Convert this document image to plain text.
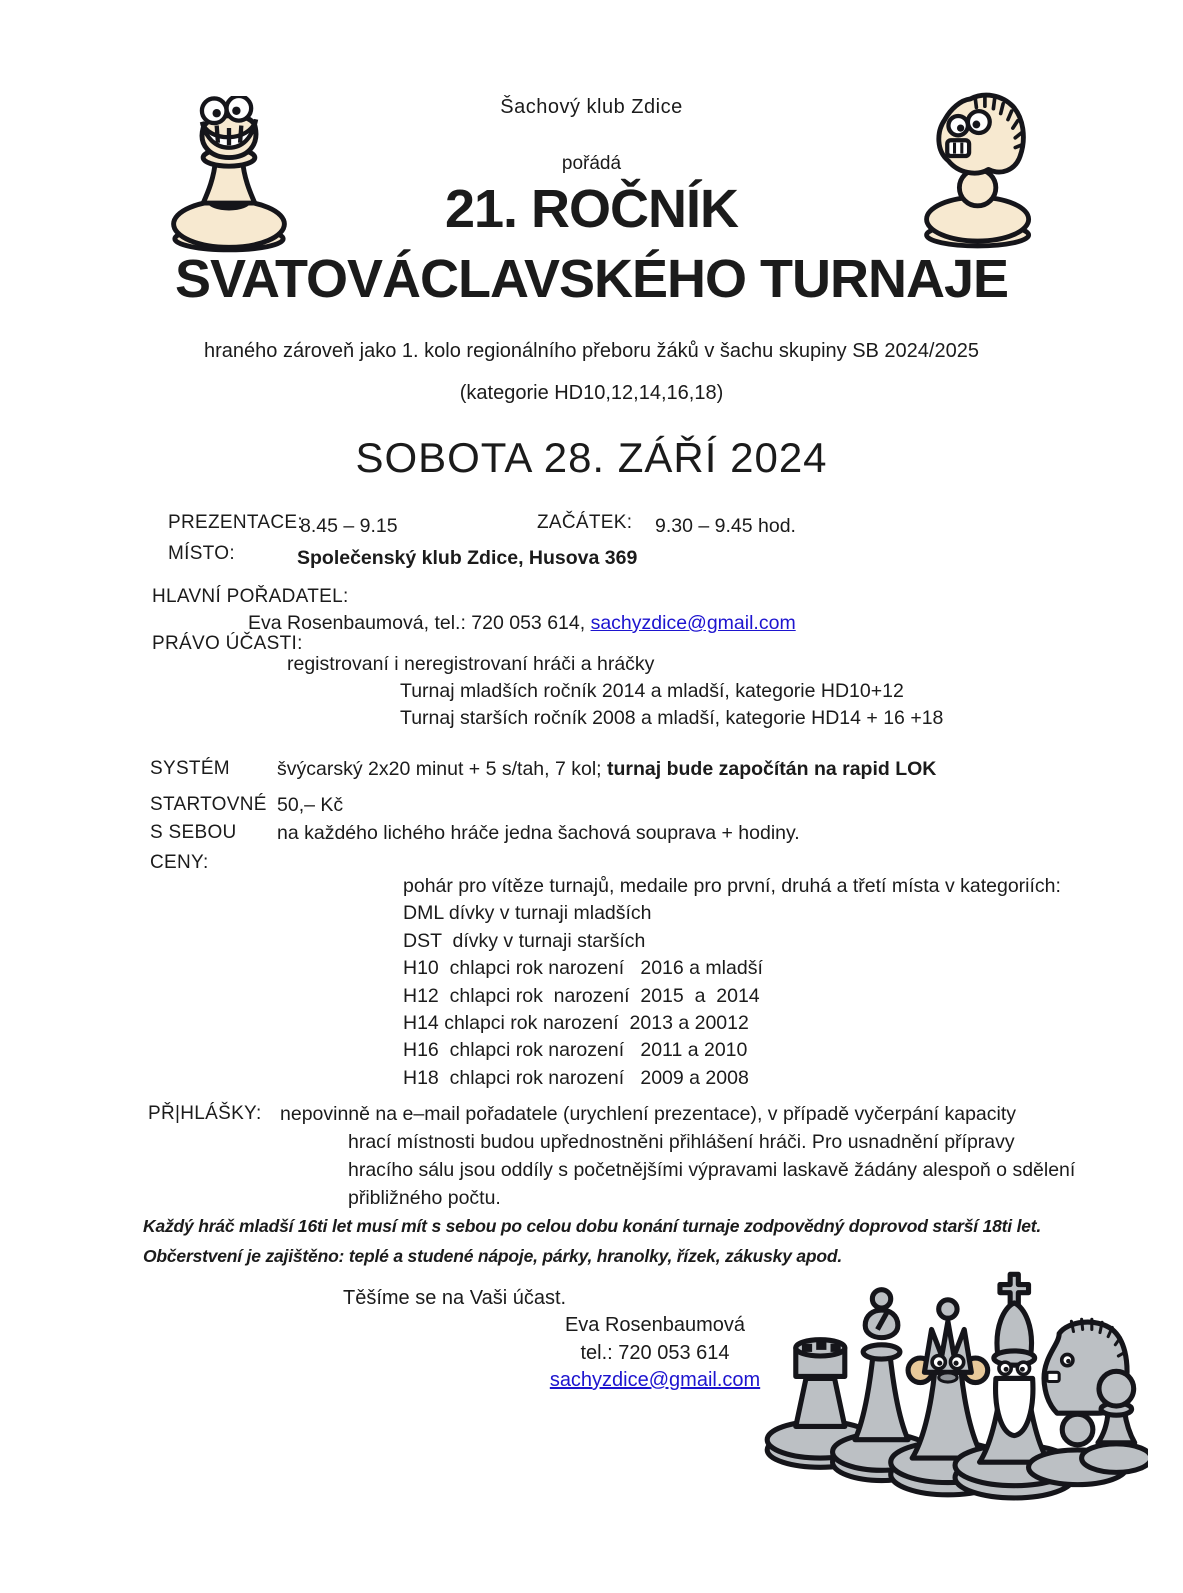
Šachový klub Zdice
pořádá
21. ROČNÍK
SVATOVÁCLAVSKÉHO TURNAJE
hraného zároveň jako 1. kolo regionálního přeboru žáků v šachu skupiny SB 2024/2025
(kategorie HD10,12,14,16,18)
SOBOTA 28. ZÁŘÍ 2024
PREZENTACE:
8.45 – 9.15	ZAČÁTEK: 9.30 – 9.45 hod.
MÍSTO:	Společenský klub Zdice, Husova 369
HLAVNÍ POŘADATEL:
Eva Rosenbaumová, tel.: 720 053 614, sachyzdice@gmail.com
PRÁVO ÚČASTI:
registrovaní i neregistrovaní hráči a hráčky
Turnaj mladších ročník 2014 a mladší, kategorie HD10+12
Turnaj starších ročník 2008 a mladší, kategorie HD14 + 16 +18
SYSTÉM švýcarský 2x20 minut + 5 s/tah, 7 kol; turnaj bude započítán na rapid LOK
STARTOVNÉ 50,– Kč
S SEBOU na každého lichého hráče jedna šachová souprava + hodiny.
CENY:
pohár pro vítěze turnajů, medaile pro první, druhá a třetí místa v kategoriích:
DML dívky v turnaji mladších
DST  dívky v turnaji starších
H10  chlapci rok narození   2016 a mladší
H12  chlapci rok  narození  2015  a  2014
H14 chlapci rok narození  2013 a 20012
H16  chlapci rok narození   2011 a 2010
H18  chlapci rok narození   2009 a 2008
PŘ|HLÁŠKY: nepovinně na e–mail pořadatele (urychlení prezentace), v případě vyčerpání kapacity
hrací místnosti budou upřednostněni přihlášení hráči. Pro usnadnění přípravy
hracího sálu jsou oddíly s početnějšími výpravami laskavě žádány alespoň o sdělení
přibližného počtu.
Každý hráč mladší 16ti let musí mít s sebou po celou dobu konání turnaje zodpovědný doprovod starší 18ti let.
Občerstvení je zajištěno: teplé a studené nápoje, párky, hranolky, řízek, zákusky apod.
Těšíme se na Vaši účast.
Eva Rosenbaumová
tel.: 720 053 614
sachyzdice@gmail.com
